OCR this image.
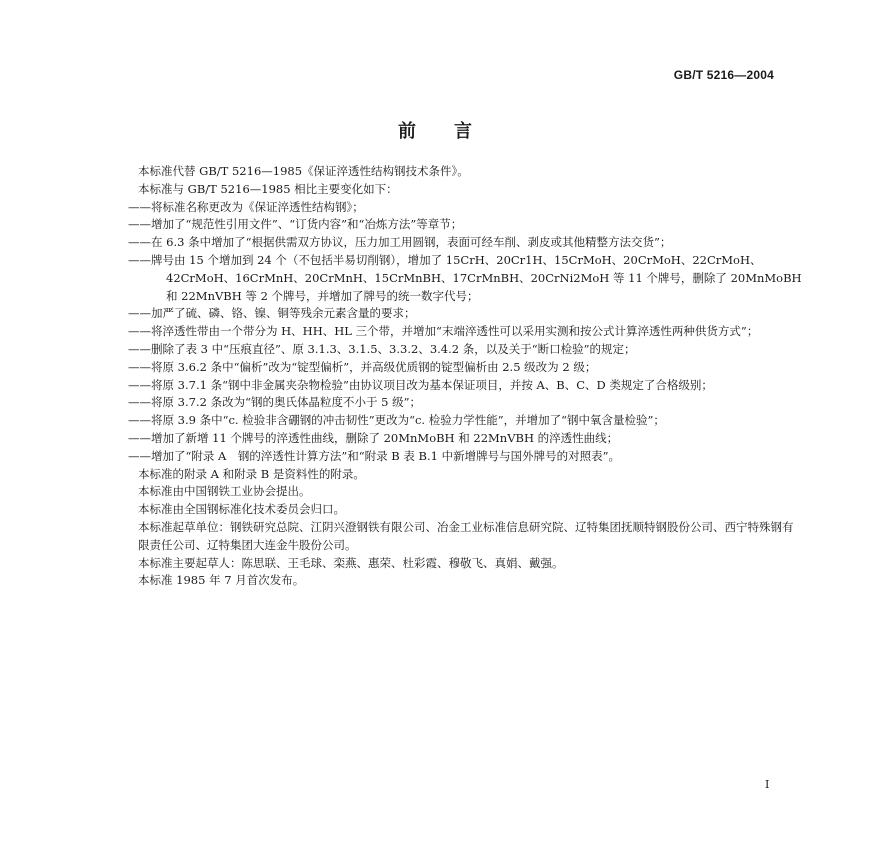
GB/T 5216—2004
前言

本标准代替 GB/T 5216—1985《保证淬透性结构钢技术条件》。

本标准与 GB/T 5216—1985 相比主要变化如下：

——将标准名称更改为《保证淬透性结构钢》；

——增加了“规范性引用文件”、“订货内容”和“冶炼方法”等章节；

——在 6.3 条中增加了“根据供需双方协议，压力加工用圆钢，表面可经车削、剥皮或其他精整方法交货”；

——牌号由 15 个增加到 24 个（不包括半易切削钢），增加了 15CrH、20Cr1H、15CrMoH、20CrMoH、22CrMoH、42CrMoH、16CrMnH、20CrMnH、15CrMnBH、17CrMnBH、20CrNi2MoH 等 11 个牌号，删除了 20MnMoBH 和 22MnVBH 等 2 个牌号，并增加了牌号的统一数字代号；

——加严了硫、磷、铬、镍、铜等残余元素含量的要求；

——将淬透性带由一个带分为 H、HH、HL 三个带，并增加“末端淬透性可以采用实测和按公式计算淬透性两种供货方式”；

——删除了表 3 中“压痕直径”、原 3.1.3、3.1.5、3.3.2、3.4.2 条，以及关于“断口检验”的规定；

——将原 3.6.2 条中“偏析”改为“锭型偏析”，并高级优质钢的锭型偏析由 2.5 级改为 2 级；

——将原 3.7.1 条“钢中非金属夹杂物检验”由协议项目改为基本保证项目，并按 A、B、C、D 类规定了合格级别；

——将原 3.7.2 条改为“钢的奥氏体晶粒度不小于 5 级”；

——将原 3.9 条中“c. 检验非含硼钢的冲击韧性”更改为“c. 检验力学性能”，并增加了“钢中氧含量检验”；

——增加了新增 11 个牌号的淬透性曲线，删除了 20MnMoBH 和 22MnVBH 的淬透性曲线；

——增加了“附录 A　钢的淬透性计算方法”和“附录 B 表 B.1 中新增牌号与国外牌号的对照表”。

本标准的附录 A 和附录 B 是资料性的附录。

本标准由中国钢铁工业协会提出。

本标准由全国钢标准化技术委员会归口。

本标准起草单位：钢铁研究总院、江阴兴澄钢铁有限公司、冶金工业标准信息研究院、辽特集团抚顺特钢股份公司、西宁特殊钢有限责任公司、辽特集团大连金牛股份公司。

本标准主要起草人：陈思联、王毛球、栾燕、惠荣、杜彩霞、穆敬飞、真娟、戴强。

本标准 1985 年 7 月首次发布。

I
